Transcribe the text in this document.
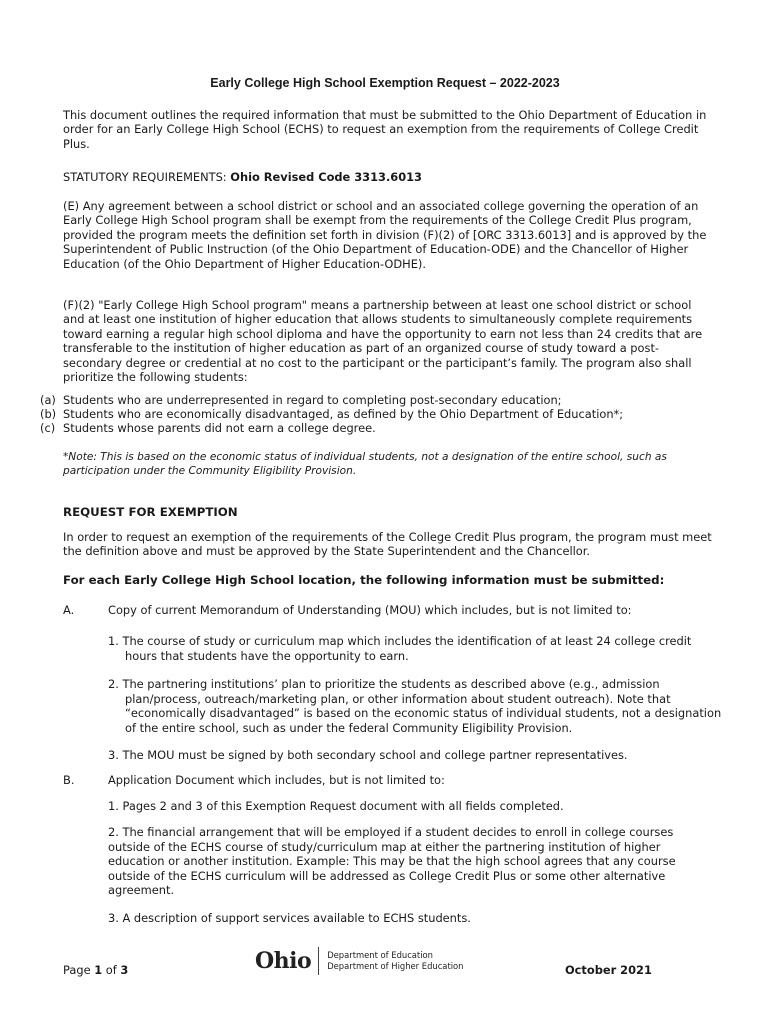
Early College High School Exemption Request – 2022-2023
This document outlines the required information that must be submitted to the Ohio Department of Education in order for an Early College High School (ECHS) to request an exemption from the requirements of College Credit Plus.
STATUTORY REQUIREMENTS: Ohio Revised Code 3313.6013
(E) Any agreement between a school district or school and an associated college governing the operation of an Early College High School program shall be exempt from the requirements of the College Credit Plus program, provided the program meets the definition set forth in division (F)(2) of [ORC 3313.6013] and is approved by the Superintendent of Public Instruction (of the Ohio Department of Education-ODE) and the Chancellor of Higher Education (of the Ohio Department of Higher Education-ODHE).
(F)(2) "Early College High School program" means a partnership between at least one school district or school and at least one institution of higher education that allows students to simultaneously complete requirements toward earning a regular high school diploma and have the opportunity to earn not less than 24 credits that are transferable to the institution of higher education as part of an organized course of study toward a post-secondary degree or credential at no cost to the participant or the participant’s family. The program also shall prioritize the following students:
(a) Students who are underrepresented in regard to completing post-secondary education;
(b) Students who are economically disadvantaged, as defined by the Ohio Department of Education*;
(c) Students whose parents did not earn a college degree.
*Note: This is based on the economic status of individual students, not a designation of the entire school, such as participation under the Community Eligibility Provision.
REQUEST FOR EXEMPTION
In order to request an exemption of the requirements of the College Credit Plus program, the program must meet the definition above and must be approved by the State Superintendent and the Chancellor.
For each Early College High School location, the following information must be submitted:
A.	Copy of current Memorandum of Understanding (MOU) which includes, but is not limited to:
1. The course of study or curriculum map which includes the identification of at least 24 college credit hours that students have the opportunity to earn.
2. The partnering institutions’ plan to prioritize the students as described above (e.g., admission plan/process, outreach/marketing plan, or other information about student outreach). Note that “economically disadvantaged” is based on the economic status of individual students, not a designation of the entire school, such as under the federal Community Eligibility Provision.
3. The MOU must be signed by both secondary school and college partner representatives.
B.	Application Document which includes, but is not limited to:
1. Pages 2 and 3 of this Exemption Request document with all fields completed.
2. The financial arrangement that will be employed if a student decides to enroll in college courses outside of the ECHS course of study/curriculum map at either the partnering institution of higher education or another institution. Example: This may be that the high school agrees that any course outside of the ECHS curriculum will be addressed as College Credit Plus or some other alternative agreement.
3. A description of support services available to ECHS students.
Page 1 of 3	Ohio Department of Education
Department of Higher Education	October 2021
